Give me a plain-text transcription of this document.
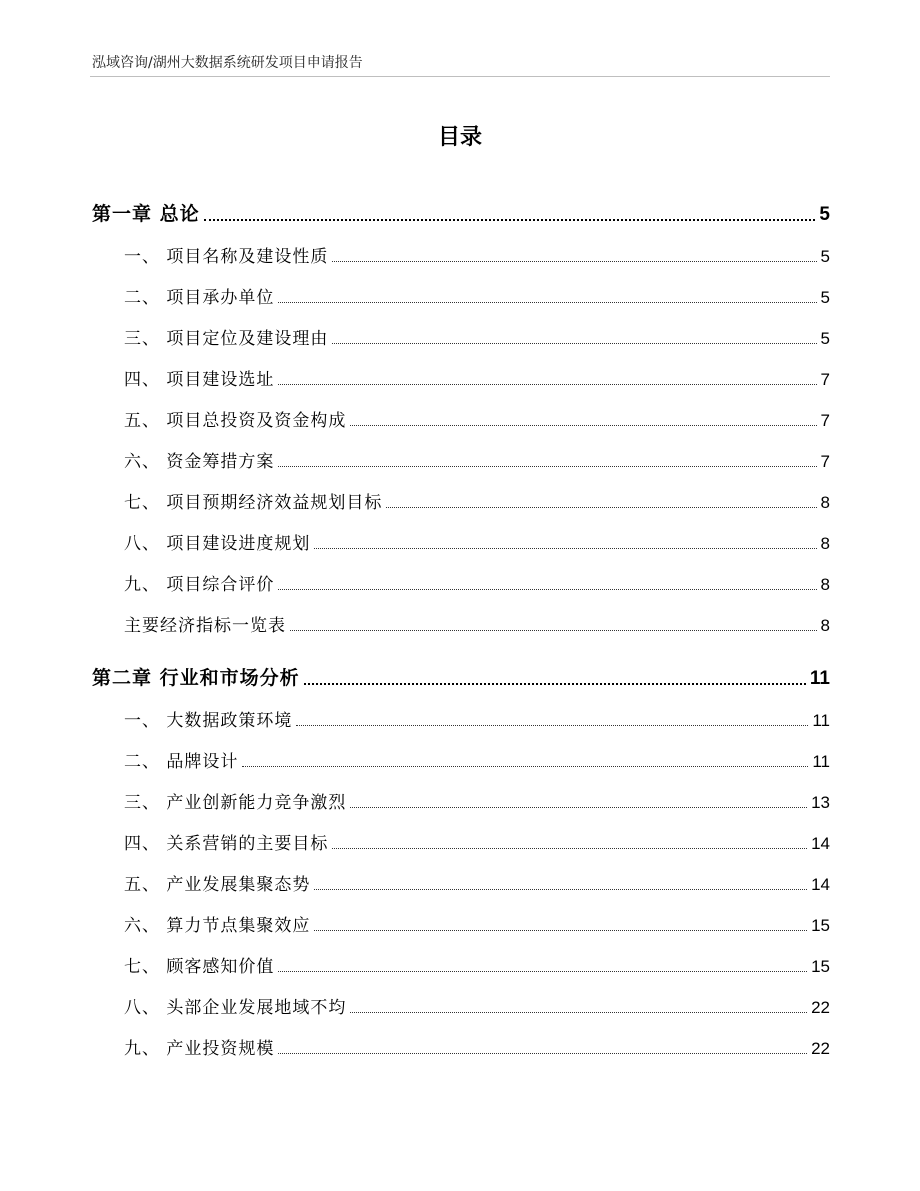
泓域咨询/湖州大数据系统研发项目申请报告
目录
第一章 总论	5
一、 项目名称及建设性质	5
二、 项目承办单位	5
三、 项目定位及建设理由	5
四、 项目建设选址	7
五、 项目总投资及资金构成	7
六、 资金筹措方案	7
七、 项目预期经济效益规划目标	8
八、 项目建设进度规划	8
九、 项目综合评价	8
主要经济指标一览表	8
第二章 行业和市场分析	11
一、 大数据政策环境	11
二、 品牌设计	11
三、 产业创新能力竞争激烈	13
四、 关系营销的主要目标	14
五、 产业发展集聚态势	14
六、 算力节点集聚效应	15
七、 顾客感知价值	15
八、 头部企业发展地域不均	22
九、 产业投资规模	22
